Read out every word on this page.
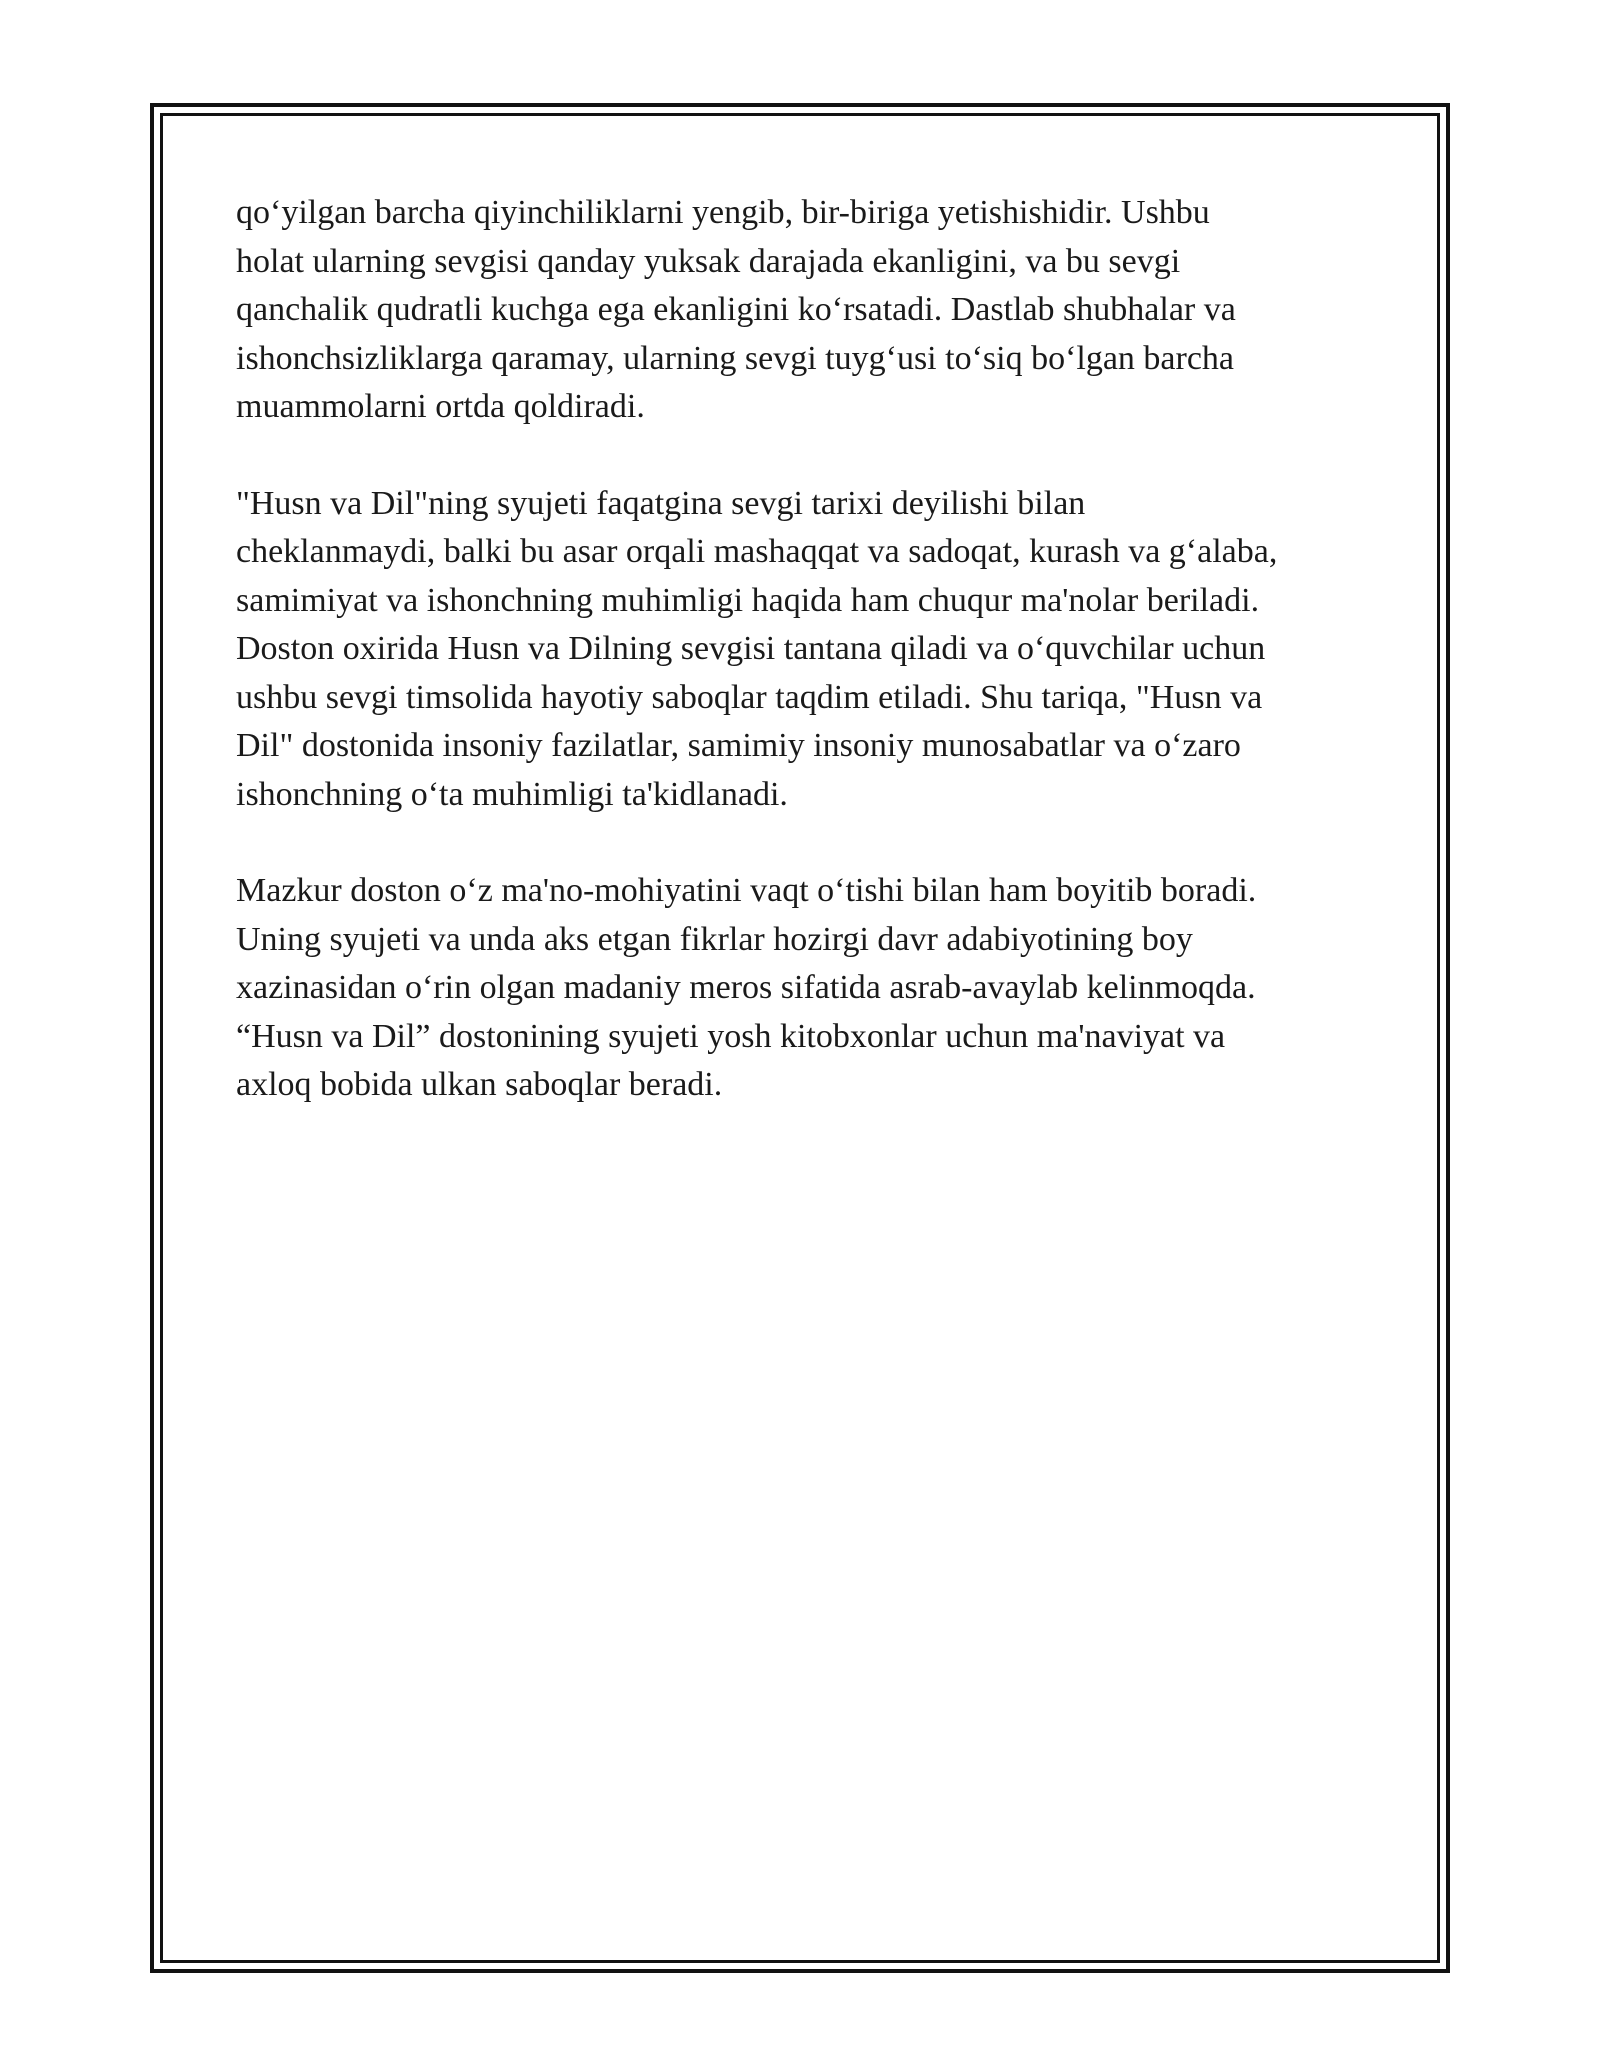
qo‘yilgan barcha qiyinchiliklarni yengib, bir-biriga yetishishidir. Ushbu
holat ularning sevgisi qanday yuksak darajada ekanligini, va bu sevgi
qanchalik qudratli kuchga ega ekanligini ko‘rsatadi. Dastlab shubhalar va
ishonchsizliklarga qaramay, ularning sevgi tuyg‘usi to‘siq bo‘lgan barcha
muammolarni ortda qoldiradi.

"Husn va Dil"ning syujeti faqatgina sevgi tarixi deyilishi bilan
cheklanmaydi, balki bu asar orqali mashaqqat va sadoqat, kurash va g‘alaba,
samimiyat va ishonchning muhimligi haqida ham chuqur ma'nolar beriladi.
Doston oxirida Husn va Dilning sevgisi tantana qiladi va o‘quvchilar uchun
ushbu sevgi timsolida hayotiy saboqlar taqdim etiladi. Shu tariqa, "Husn va
Dil" dostonida insoniy fazilatlar, samimiy insoniy munosabatlar va o‘zaro
ishonchning o‘ta muhimligi ta'kidlanadi.

Mazkur doston o‘z ma'no-mohiyatini vaqt o‘tishi bilan ham boyitib boradi.
Uning syujeti va unda aks etgan fikrlar hozirgi davr adabiyotining boy
xazinasidan o‘rin olgan madaniy meros sifatida asrab-avaylab kelinmoqda.
“Husn va Dil” dostonining syujeti yosh kitobxonlar uchun ma'naviyat va
axloq bobida ulkan saboqlar beradi.
